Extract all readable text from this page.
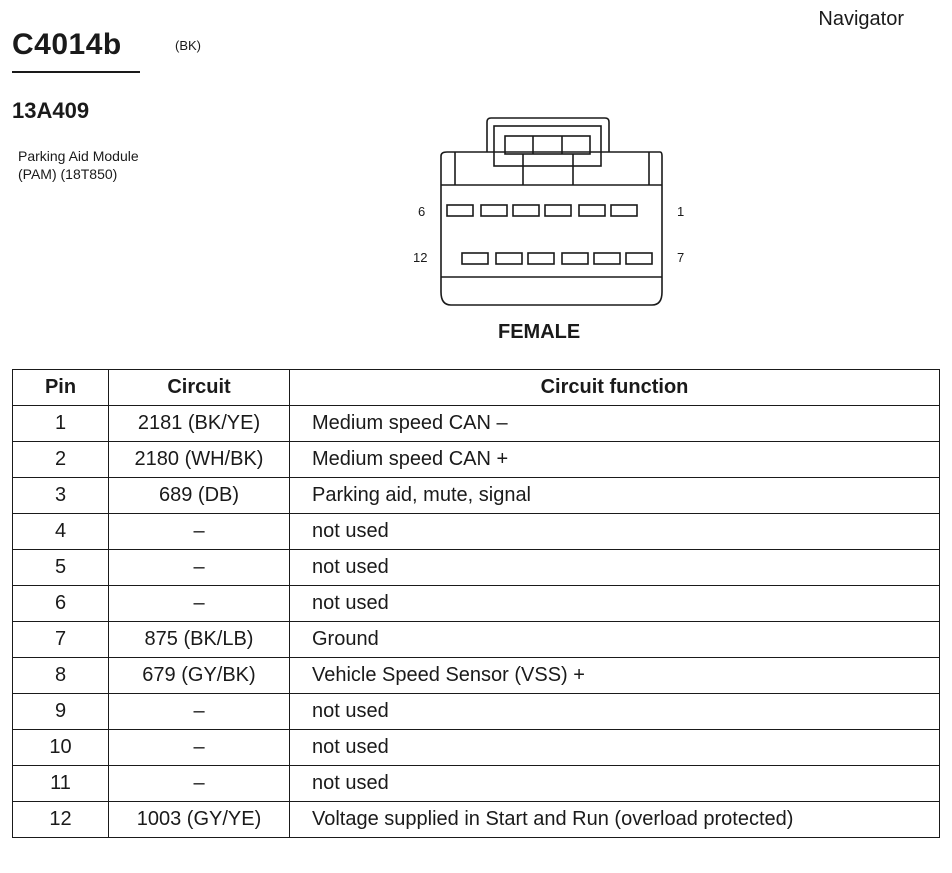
Navigator
C4014b	(BK)
13A409
Parking Aid Module
(PAM) (18T850)
6	1
12	7
FEMALE
Pin	Circuit	Circuit function
1	2181 (BK/YE)	Medium speed CAN –
2	2180 (WH/BK)	Medium speed CAN +
3	689 (DB)	Parking aid, mute, signal
4	–	not used
5	–	not used
6	–	not used
7	875 (BK/LB)	Ground
8	679 (GY/BK)	Vehicle Speed Sensor (VSS) +
9	–	not used
10	–	not used
11	–	not used
12	1003 (GY/YE)	Voltage supplied in Start and Run (overload protected)
